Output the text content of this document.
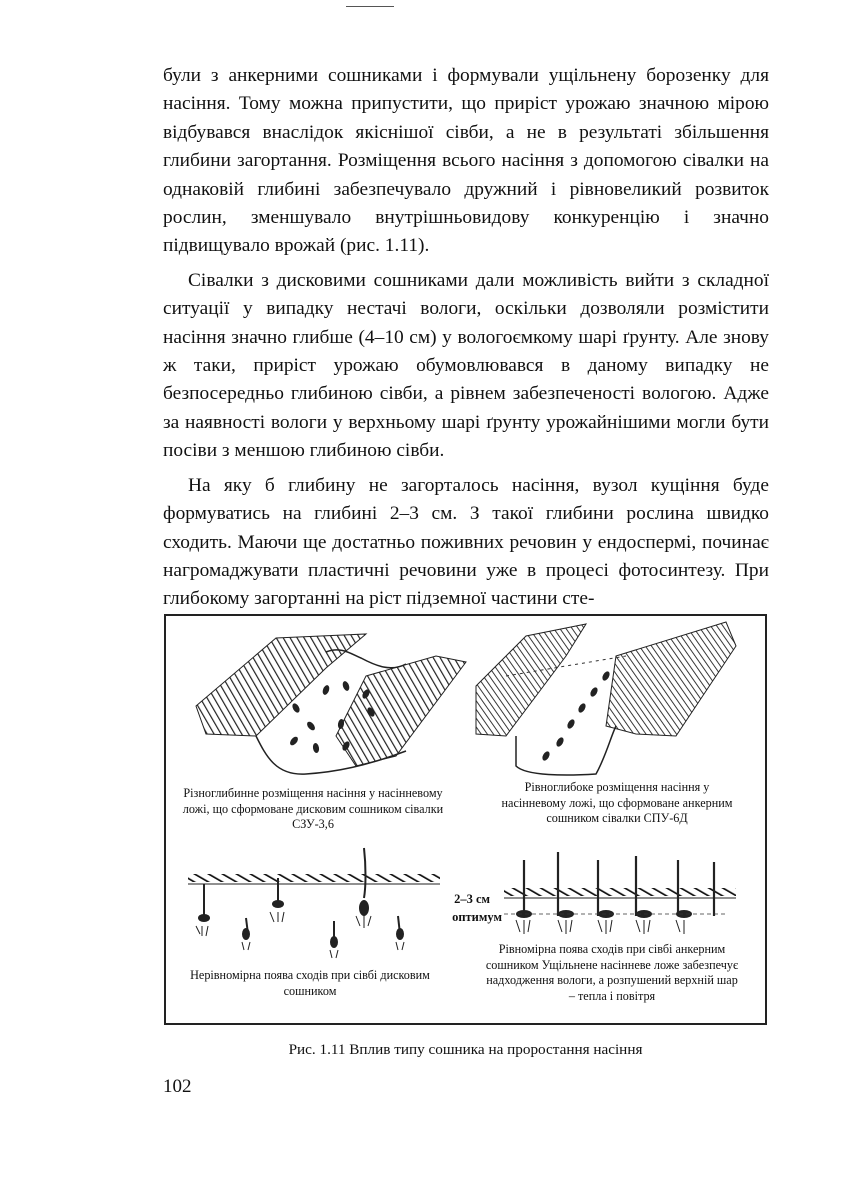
були з анкерними сошниками і формували ущільнену борозенку для насіння. Тому можна припустити, що приріст урожаю значною мірою відбувався внаслідок якіснішої сівби, а не в результаті збільшення глибини загортання. Розміщення всього насіння з допомогою сівалки на однаковій глибині забезпечувало дружний і рівновеликий розвиток рослин, зменшувало внутрішньовидову конкуренцію і значно підвищувало врожай (рис. 1.11).

Сівалки з дисковими сошниками дали можливість вийти з складної ситуації у випадку нестачі вологи, оскільки дозволяли розмістити насіння значно глибше (4–10 см) у вологоємкому шарі ґрунту. Але знову ж таки, приріст урожаю обумовлювався в даному випадку не безпосередньо глибиною сівби, а рівнем забезпеченості вологою. Адже за наявності вологи у верхньому шарі ґрунту урожайнішими могли бути посіви з меншою глибиною сівби.

На яку б глибину не загорталось насіння, вузол кущіння буде формуватись на глибині 2–3 см. З такої глибини рослина швидко сходить. Маючи ще достатньо поживних речовин у ендоспермі, починає нагромаджувати пластичні речовини уже в процесі фотосинтезу. При глибокому загортанні на ріст підземної частини сте-

Різноглибинне розміщення насіння у насінневому ложі, що сформоване дисковим сошником сівалки СЗУ-3,6
Рівноглибоке розміщення насіння у насінневому ложі, що сформоване анкерним сошником сівалки СПУ-6Д
2–3 см
оптимум
Нерівномірна поява сходів при сівбі дисковим сошником
Рівномірна поява сходів при сівбі анкерним сошником Ущільнене насінневе ложе забезпечує надходження вологи, а розпушений верхній шар – тепла і повітря
Рис. 1.11 Вплив типу сошника на проростання насіння
102
